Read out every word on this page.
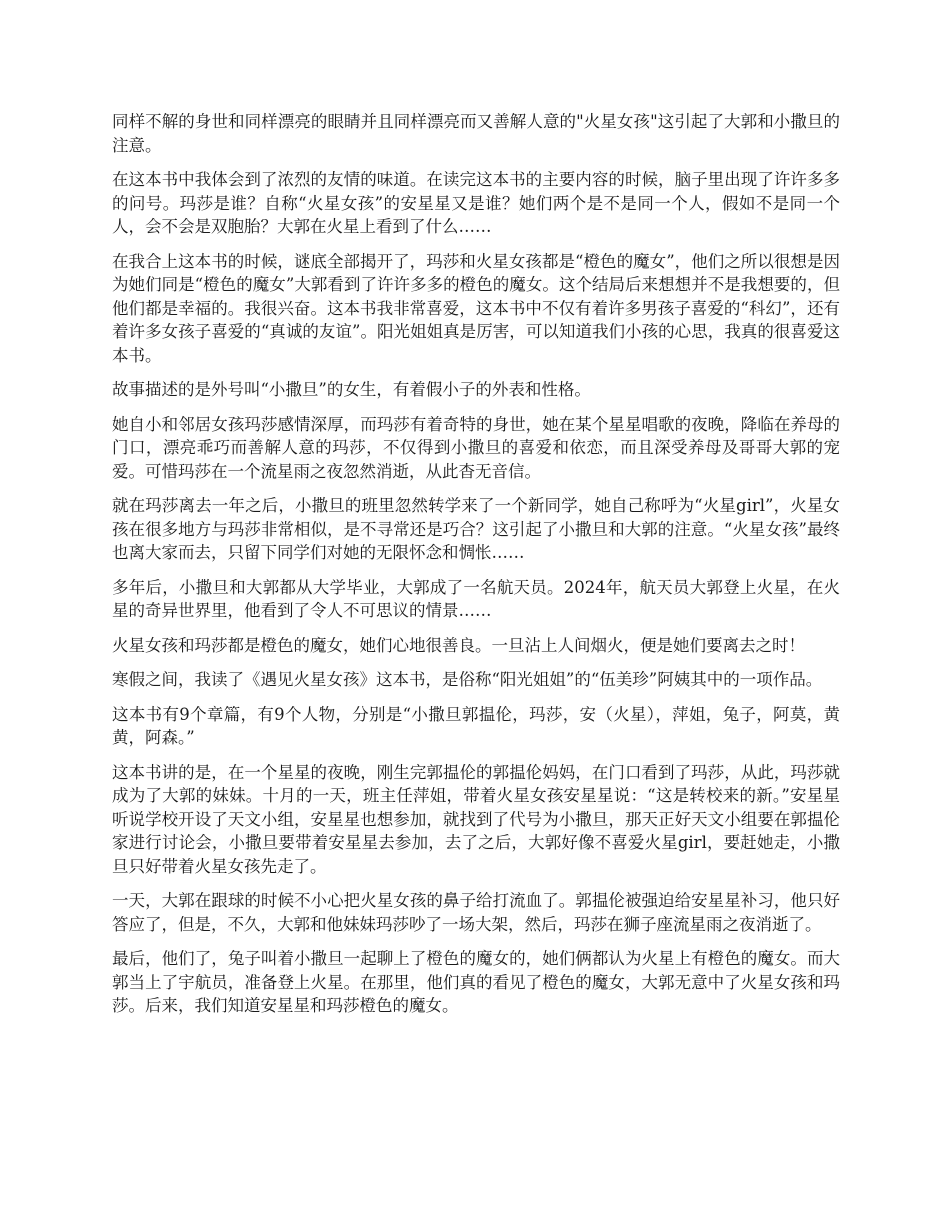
同样不解的身世和同样漂亮的眼睛并且同样漂亮而又善解人意的"火星女孩"这引起了大郭和小撒旦的注意。

在这本书中我体会到了浓烈的友情的味道。在读完这本书的主要内容的时候，脑子里出现了许许多多的问号。玛莎是谁？自称“火星女孩”的安星星又是谁？她们两个是不是同一个人，假如不是同一个人，会不会是双胞胎？大郭在火星上看到了什么……

在我合上这本书的时候，谜底全部揭开了，玛莎和火星女孩都是“橙色的魔女”，他们之所以很想是因为她们同是“橙色的魔女”大郭看到了许许多多的橙色的魔女。这个结局后来想想并不是我想要的，但他们都是幸福的。我很兴奋。这本书我非常喜爱，这本书中不仅有着许多男孩子喜爱的“科幻”，还有着许多女孩子喜爱的“真诚的友谊”。阳光姐姐真是厉害，可以知道我们小孩的心思，我真的很喜爱这本书。

故事描述的是外号叫“小撒旦”的女生，有着假小子的外表和性格。

她自小和邻居女孩玛莎感情深厚，而玛莎有着奇特的身世，她在某个星星唱歌的夜晚，降临在养母的门口，漂亮乖巧而善解人意的玛莎，不仅得到小撒旦的喜爱和依恋，而且深受养母及哥哥大郭的宠爱。可惜玛莎在一个流星雨之夜忽然消逝，从此杳无音信。

就在玛莎离去一年之后，小撒旦的班里忽然转学来了一个新同学，她自己称呼为“火星girl”，火星女孩在很多地方与玛莎非常相似，是不寻常还是巧合？这引起了小撒旦和大郭的注意。“火星女孩”最终也离大家而去，只留下同学们对她的无限怀念和惆怅……

多年后，小撒旦和大郭都从大学毕业，大郭成了一名航天员。2024年，航天员大郭登上火星，在火星的奇异世界里，他看到了令人不可思议的情景……

火星女孩和玛莎都是橙色的魔女，她们心地很善良。一旦沾上人间烟火，便是她们要离去之时！

寒假之间，我读了《遇见火星女孩》这本书，是俗称“阳光姐姐”的“伍美珍”阿姨其中的一项作品。

这本书有9个章篇，有9个人物，分别是“小撒旦郭揾伦，玛莎，安（火星），萍姐，兔子，阿莫，黄黄，阿森。”

这本书讲的是，在一个星星的夜晚，刚生完郭揾伦的郭揾伦妈妈，在门口看到了玛莎，从此，玛莎就成为了大郭的妹妹。十月的一天，班主任萍姐，带着火星女孩安星星说：“这是转校来的新。”安星星听说学校开设了天文小组，安星星也想参加，就找到了代号为小撒旦，那天正好天文小组要在郭揾伦家进行讨论会，小撒旦要带着安星星去参加，去了之后，大郭好像不喜爱火星girl，要赶她走，小撒旦只好带着火星女孩先走了。

一天，大郭在跟球的时候不小心把火星女孩的鼻子给打流血了。郭揾伦被强迫给安星星补习，他只好答应了，但是，不久，大郭和他妹妹玛莎吵了一场大架，然后，玛莎在狮子座流星雨之夜消逝了。

最后，他们了，兔子叫着小撒旦一起聊上了橙色的魔女的，她们俩都认为火星上有橙色的魔女。而大郭当上了宇航员，准备登上火星。在那里，他们真的看见了橙色的魔女，大郭无意中了火星女孩和玛莎。后来，我们知道安星星和玛莎橙色的魔女。
